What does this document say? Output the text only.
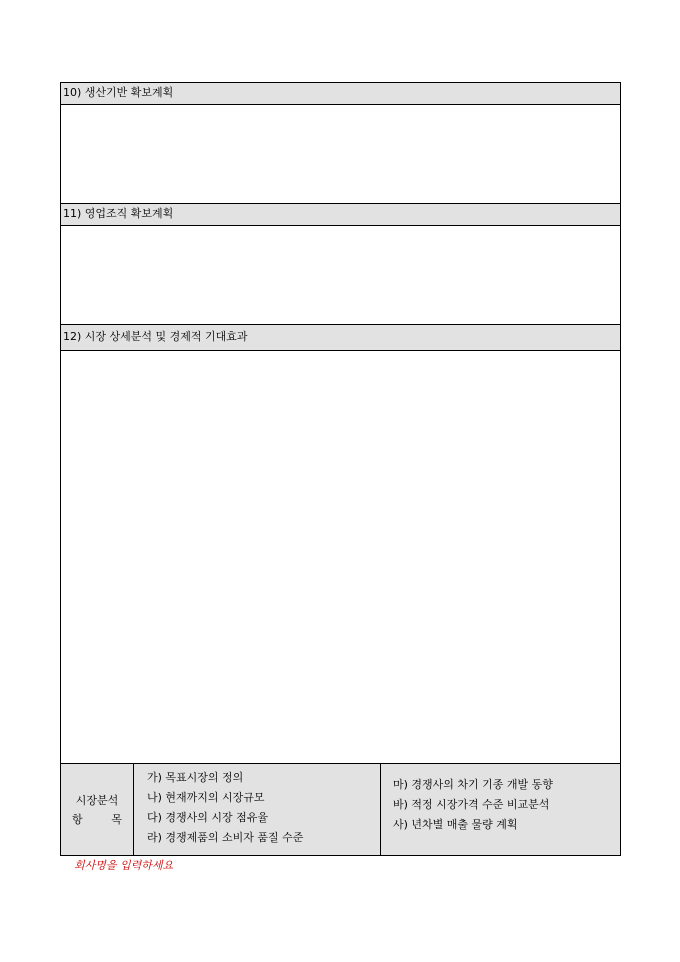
10) 생산기반 확보계획
11) 영업조직 확보계획
12) 시장 상세분석 및 경제적 기대효과
시장분석
항	목
가) 목표시장의 정의
나) 현재까지의 시장규모
다) 경쟁사의 시장 점유율
라) 경쟁제품의 소비자 품질 수준
마) 경쟁사의 차기 기종 개발 동향
바) 적정 시장가격 수준 비교분석
사) 년차별 매출 물량 계획
회사명을 입력하세요
